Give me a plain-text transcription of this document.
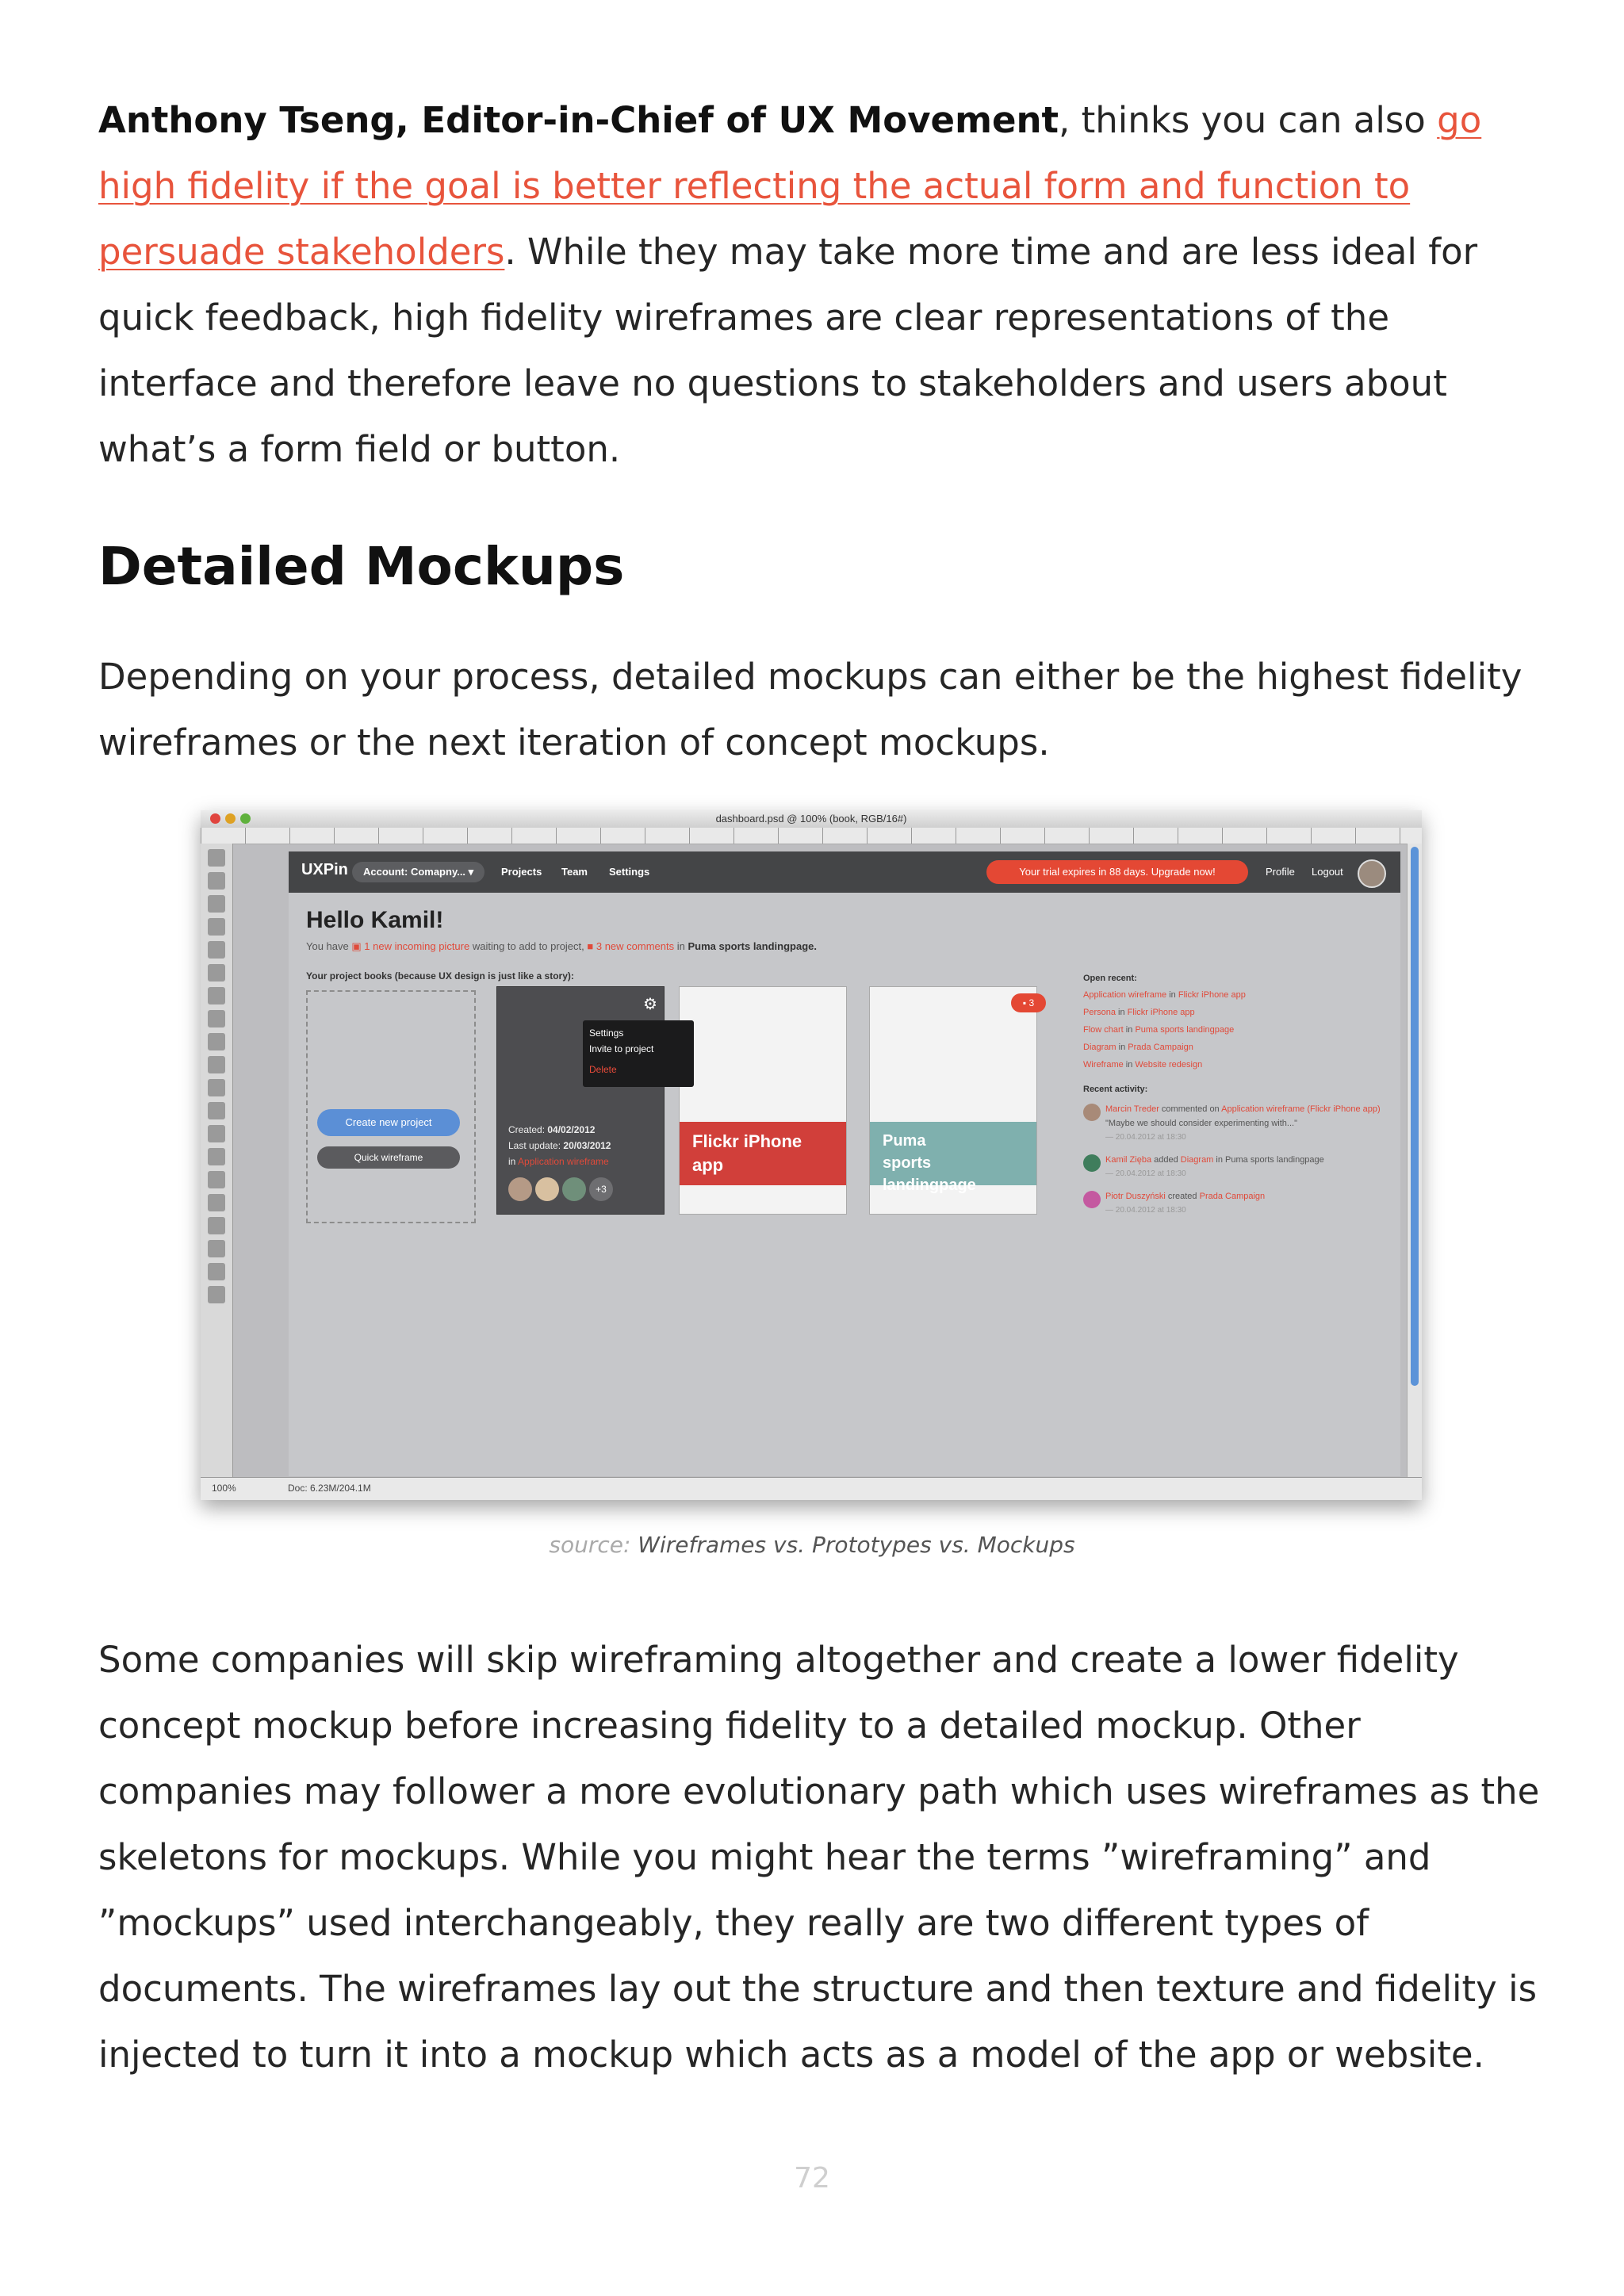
Anthony Tseng, Editor-in-Chief of UX Movement, thinks you can also go high fidelity if the goal is better reflecting the actual form and function to persuade stakeholders. While they may take more time and are less ideal for quick feedback, high fidelity wireframes are clear representations of the interface and therefore leave no questions to stakeholders and users about what’s a form field or button.

Detailed Mockups

Depending on your process, detailed mockups can either be the highest fidelity wireframes or the next iteration of concept mockups.

dashboard.psd @ 100% (book, RGB/16#)
100%	Doc: 6.23M/204.1M
UXPin	Account: Comapny... ▾	Projects Team Settings	Your trial expires in 88 days. Upgrade now!	Profile Logout
Hello Kamil!
You have ▣ 1 new incoming picture waiting to add to project, ■ 3 new comments in Puma sports landingpage.
Your project books (because UX design is just like a story):
Create new project
Quick wireframe
⚙
Settings
Invite to project
Delete
Created: 04/02/2012
Last update: 20/03/2012
in Application wireframe
+3
Flickr iPhone app
▪ 3
Puma sports landingpage
Open recent:
Application wireframe in Flickr iPhone app
Persona in Flickr iPhone app
Flow chart in Puma sports landingpage
Diagram in Prada Campaign
Wireframe in Website redesign
Recent activity:
Marcin Treder commented on Application wireframe (Flickr iPhone app) "Maybe we should consider experimenting with..."
— 20.04.2012 at 18:30
Kamil Zięba added Diagram in Puma sports landingpage
— 20.04.2012 at 18:30
Piotr Duszyński created Prada Campaign
— 20.04.2012 at 18:30
source: Wireframes vs. Prototypes vs. Mockups

Some companies will skip wireframing altogether and create a lower fidelity concept mockup before increasing fidelity to a detailed mockup. Other companies may follower a more evolutionary path which uses wireframes as the skeletons for mockups. While you might hear the terms ”wireframing” and ”mockups” used interchangeably, they really are two different types of documents. The wireframes lay out the structure and then texture and fidelity is injected to turn it into a mockup which acts as a model of the app or website.

72
